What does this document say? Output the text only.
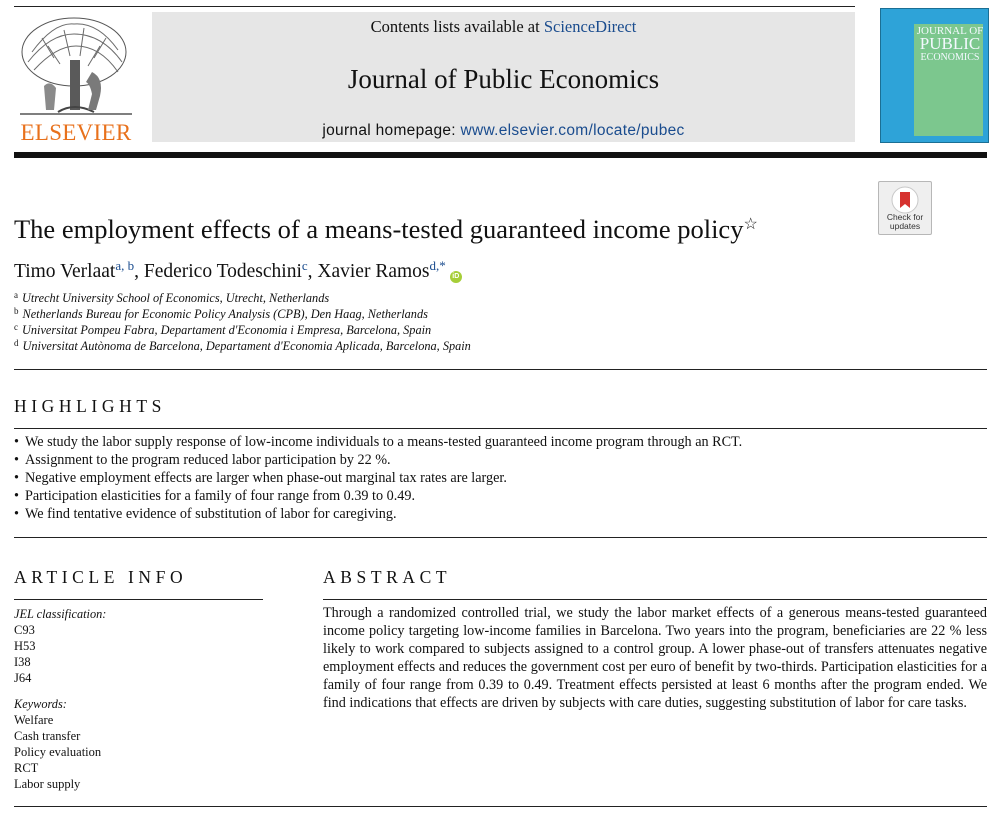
ELSEVIER
Contents lists available at ScienceDirect
Journal of Public Economics
journal homepage: www.elsevier.com/locate/pubec
JOURNAL OF
PUBLIC
ECONOMICS
Check for
updates
The employment effects of a means-tested guaranteed income policy☆
Timo Verlaat$^{a, b}$, Federico Todeschini$^c$, Xavier Ramos$^{d,*}$iD
$^a$ Utrecht University School of Economics, Utrecht, Netherlands
$^b$ Netherlands Bureau for Economic Policy Analysis (CPB), Den Haag, Netherlands
$^c$ Universitat Pompeu Fabra, Departament d'Economia i Empresa, Barcelona, Spain
$^d$ Universitat Autònoma de Barcelona, Departament d'Economia Aplicada, Barcelona, Spain
HIGHLIGHTS
• We study the labor supply response of low-income individuals to a means-tested guaranteed income program through an RCT.
• Assignment to the program reduced labor participation by 22 %.
• Negative employment effects are larger when phase-out marginal tax rates are larger.
• Participation elasticities for a family of four range from 0.39 to 0.49.
• We find tentative evidence of substitution of labor for caregiving.
ARTICLE INFO
JEL classification:
C93
H53
I38
J64
Keywords:
Welfare
Cash transfer
Policy evaluation
RCT
Labor supply
ABSTRACT
Through a randomized controlled trial, we study the labor market effects of a generous means-tested guaranteed income policy targeting low-income families in Barcelona. Two years into the program, beneficiaries are 22 % less likely to work compared to subjects assigned to a control group. A lower phase-out of transfers attenuates negative employment effects and reduces the government cost per euro of benefit by two-thirds. Participation elasticities for a family of four range from 0.39 to 0.49. Treatment effects persisted at least 6 months after the program ended. We find indications that effects are driven by subjects with care duties, suggesting substitution of labor for care tasks.
